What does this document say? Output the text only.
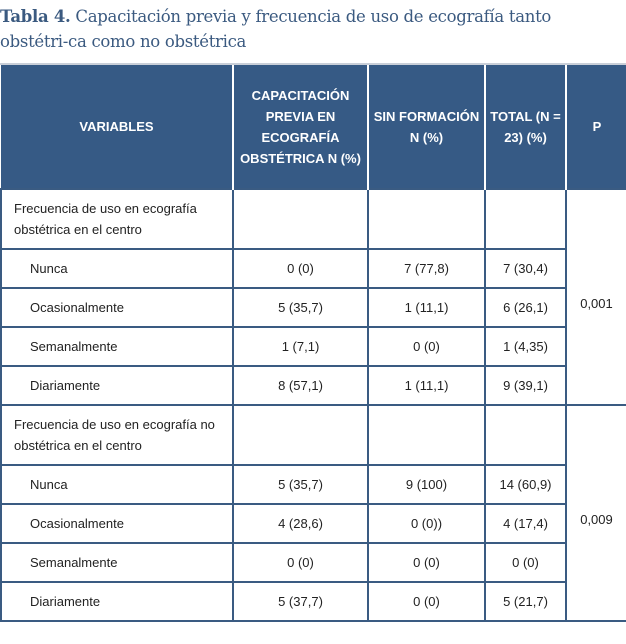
Tabla 4. Capacitación previa y frecuencia de uso de ecografía tanto obstétri-ca como no obstétrica
VARIABLES	CAPACITACIÓN PREVIA EN ECOGRAFÍA OBSTÉTRICA N (%)	SIN FORMACIÓN N (%)	TOTAL (N = 23) (%)	P
Frecuencia de uso en ecografía obstétrica en el centro				0,001
Nunca	0 (0)	7 (77,8)	7 (30,4)	
Ocasionalmente	5 (35,7)	1 (11,1)	6 (26,1)	
Semanalmente	1 (7,1)	0 (0)	1 (4,35)	
Diariamente	8 (57,1)	1 (11,1)	9 (39,1)	
Frecuencia de uso en ecografía no obstétrica en el centro				0,009
Nunca	5 (35,7)	9 (100)	14 (60,9)	
Ocasionalmente	4 (28,6)	0 (0))	4 (17,4)	
Semanalmente	0 (0)	0 (0)	0 (0)	
Diariamente	5 (37,7)	0 (0)	5 (21,7)	
